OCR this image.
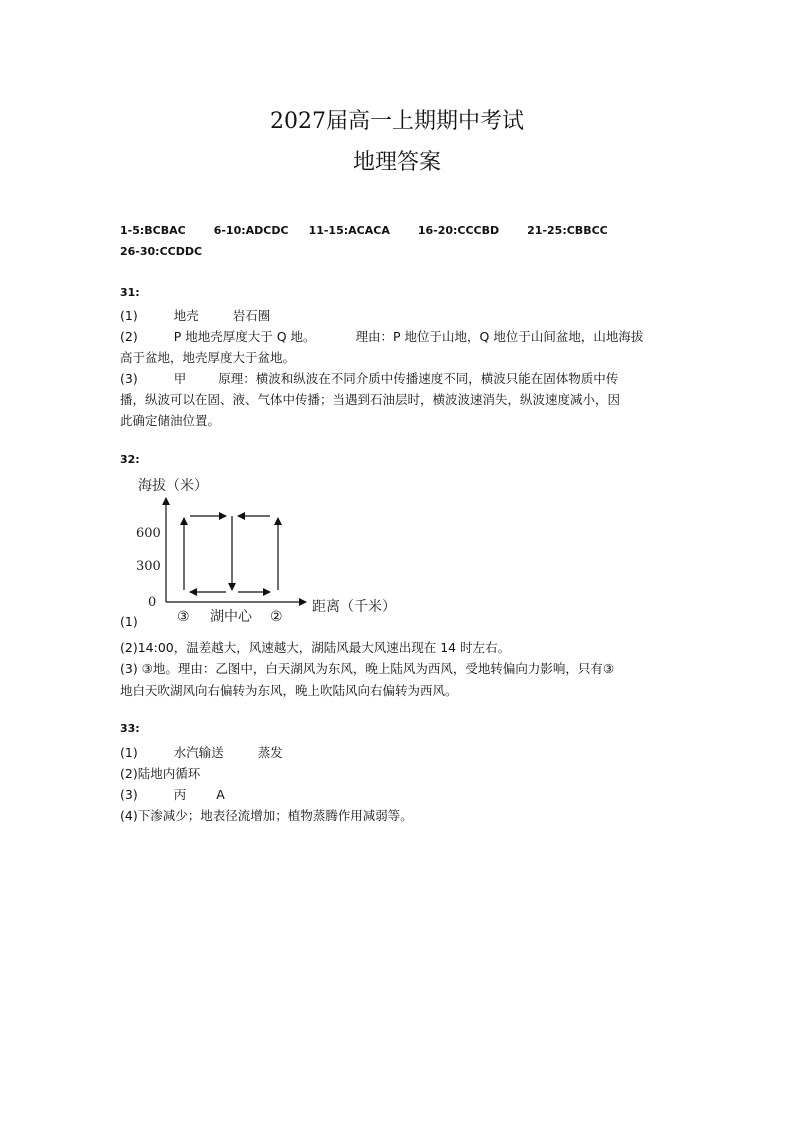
2027届高一上期期中考试
地理答案
1-5:BCBAC	6-10:ADCDC 11-15:ACACA	16-20:CCCBD	21-25:CBBCC
26-30:CCDDC
31:
(1)	地壳	岩石圈
(2)	P 地地壳厚度大于 Q 地。	理由：P 地位于山地，Q 地位于山间盆地，山地海拔
高于盆地，地壳厚度大于盆地。
(3)	甲	原理：横波和纵波在不同介质中传播速度不同，横波只能在固体物质中传
播，纵波可以在固、液、气体中传播；当遇到石油层时，横波波速消失，纵波速度减小，因
此确定储油位置。
32:
海拔（米）
距离（千米）
600
300
0
③ 湖中心 ②
(1)
(2)14:00，温差越大，风速越大，湖陆风最大风速出现在 14 时左右。
(3) ③地。理由：乙图中，白天湖风为东风，晚上陆风为西风，受地转偏向力影响，只有③
地白天吹湖风向右偏转为东风，晚上吹陆风向右偏转为西风。
33:
(1)	水汽输送	蒸发
(2)陆地内循环
(3)	丙 A
(4)下渗减少；地表径流增加；植物蒸腾作用减弱等。
